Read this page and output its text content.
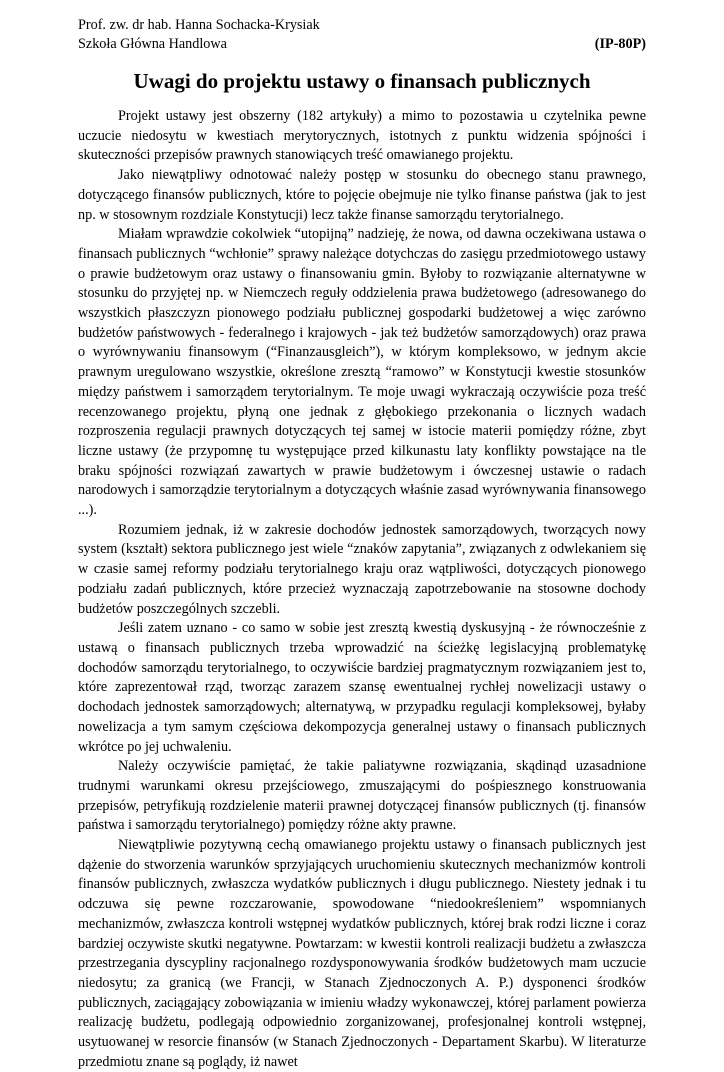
Prof. zw. dr hab. Hanna Sochacka-Krysiak
Szkoła Główna Handlowa	(IP-80P)
Uwagi do projektu ustawy o finansach publicznych

Projekt ustawy jest obszerny (182 artykuły) a mimo to pozostawia u czytelnika pewne uczucie niedosytu w kwestiach merytorycznych, istotnych z punktu widzenia spójności i skuteczności przepisów prawnych stanowiących treść omawianego projektu.

Jako niewątpliwy odnotować należy postęp w stosunku do obecnego stanu prawnego, dotyczącego finansów publicznych, które to pojęcie obejmuje nie tylko finanse państwa (jak to jest np. w stosownym rozdziale Konstytucji) lecz także finanse samorządu terytorialnego.

Miałam wprawdzie cokolwiek “utopijną” nadzieję, że nowa, od dawna oczekiwana ustawa o finansach publicznych “wchłonie” sprawy należące dotychczas do zasięgu przedmiotowego ustawy o prawie budżetowym oraz ustawy o finansowaniu gmin. Byłoby to rozwiązanie alternatywne w stosunku do przyjętej np. w Niemczech reguły oddzielenia prawa budżetowego (adresowanego do wszystkich płaszczyzn pionowego podziału publicznej gospodarki budżetowej a więc zarówno budżetów państwowych - federalnego i krajowych - jak też budżetów samorządowych) oraz prawa o wyrównywaniu finansowym (“Finanzausgleich”), w którym kompleksowo, w jednym akcie prawnym uregulowano wszystkie, określone zresztą “ramowo” w Konstytucji kwestie stosunków między państwem i samorządem terytorialnym. Te moje uwagi wykraczają oczywiście poza treść recenzowanego projektu, płyną one jednak z głębokiego przekonania o licznych wadach rozproszenia regulacji prawnych dotyczących tej samej w istocie materii pomiędzy różne, zbyt liczne ustawy (że przypomnę tu występujące przed kilkunastu laty konflikty powstające na tle braku spójności rozwiązań zawartych w prawie budżetowym i ówczesnej ustawie o radach narodowych i samorządzie terytorialnym a dotyczących właśnie zasad wyrównywania finansowego ...).

Rozumiem jednak, iż w zakresie dochodów jednostek samorządowych, tworzących nowy system (kształt) sektora publicznego jest wiele “znaków zapytania”, związanych z odwlekaniem się w czasie samej reformy podziału terytorialnego kraju oraz wątpliwości, dotyczących pionowego podziału zadań publicznych, które przecież wyznaczają zapotrzebowanie na stosowne dochody budżetów poszczególnych szczebli.

Jeśli zatem uznano - co samo w sobie jest zresztą kwestią dyskusyjną - że równocześnie z ustawą o finansach publicznych trzeba wprowadzić na ścieżkę legislacyjną problematykę dochodów samorządu terytorialnego, to oczywiście bardziej pragmatycznym rozwiązaniem jest to, które zaprezentował rząd, tworząc zarazem szansę ewentualnej rychłej nowelizacji ustawy o dochodach jednostek samorządowych; alternatywą, w przypadku regulacji kompleksowej, byłaby nowelizacja a tym samym częściowa dekompozycja generalnej ustawy o finansach publicznych wkrótce po jej uchwaleniu.

Należy oczywiście pamiętać, że takie paliatywne rozwiązania, skądinąd uzasadnione trudnymi warunkami okresu przejściowego, zmuszającymi do pośpiesznego konstruowania przepisów, petryfikują rozdzielenie materii prawnej dotyczącej finansów publicznych (tj. finansów państwa i samorządu terytorialnego) pomiędzy różne akty prawne.

Niewątpliwie pozytywną cechą omawianego projektu ustawy o finansach publicznych jest dążenie do stworzenia warunków sprzyjających uruchomieniu skutecznych mechanizmów kontroli finansów publicznych, zwłaszcza wydatków publicznych i długu publicznego. Niestety jednak i tu odczuwa się pewne rozczarowanie, spowodowane “niedookreśleniem” wspomnianych mechanizmów, zwłaszcza kontroli wstępnej wydatków publicznych, której brak rodzi liczne i coraz bardziej oczywiste skutki negatywne. Powtarzam: w kwestii kontroli realizacji budżetu a zwłaszcza przestrzegania dyscypliny racjonalnego rozdysponowywania środków budżetowych mam uczucie niedosytu; za granicą (we Francji, w Stanach Zjednoczonych A. P.) dysponenci środków publicznych, zaciągający zobowiązania w imieniu władzy wykonawczej, której parlament powierza realizację budżetu, podlegają odpowiednio zorganizowanej, profesjonalnej kontroli wstępnej, usytuowanej w resorcie finansów (w Stanach Zjednoczonych - Departament Skarbu). W literaturze przedmiotu znane są poglądy, iż nawet
